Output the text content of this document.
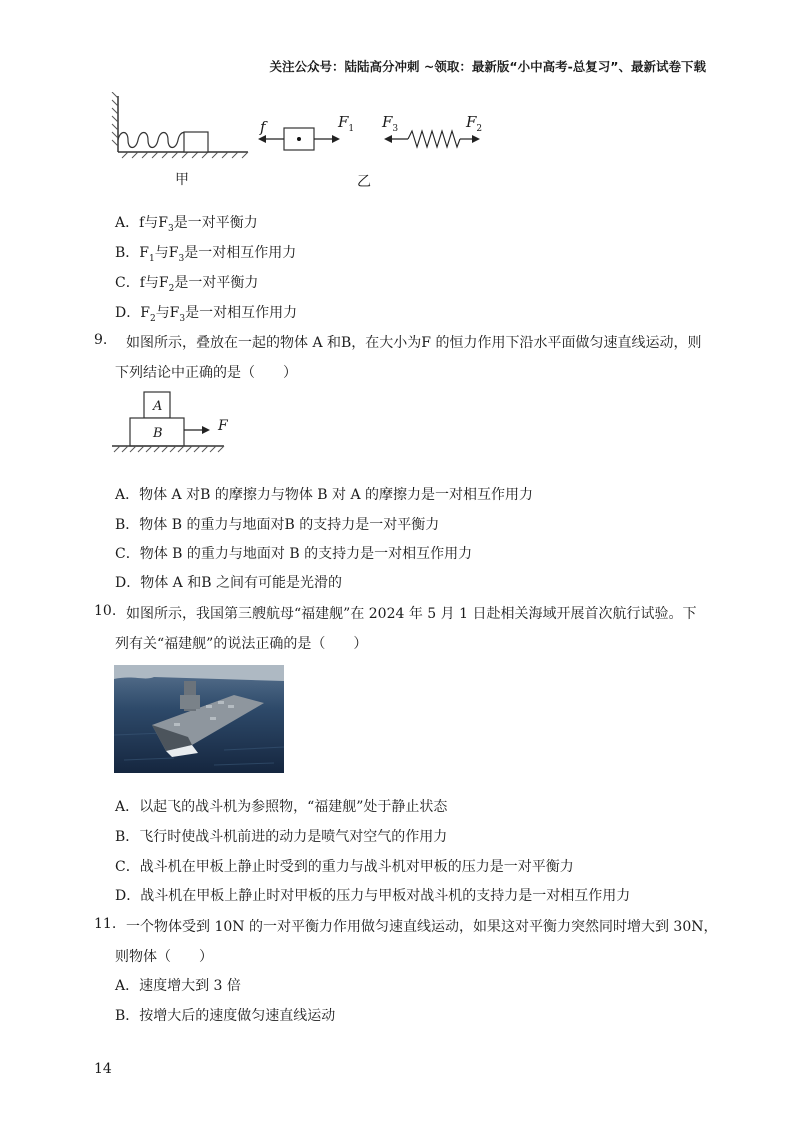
关注公众号：陆陆高分冲刺 ~领取：最新版“小中高考-总复习”、最新试卷下载
f	$F_1$ $F_3$	$F_2$
甲	乙
A．f与$F_3$是一对平衡力
B．$F_1$与$F_3$是一对相互作用力
C．f与$F_2$是一对平衡力
D．$F_2$与$F_3$是一对相互作用力
9. 如图所示，叠放在一起的物体 A 和B，在大小为F 的恒力作用下沿水平面做匀速直线运动，则
下列结论中正确的是（　　）
A
B	F
A．物体 A 对B 的摩擦力与物体 B 对 A 的摩擦力是一对相互作用力
B．物体 B 的重力与地面对B 的支持力是一对平衡力
C．物体 B 的重力与地面对 B 的支持力是一对相互作用力
D．物体 A 和B 之间有可能是光滑的
10. 如图所示，我国第三艘航母“福建舰”在 2024 年 5 月 1 日赴相关海域开展首次航行试验。下
列有关“福建舰”的说法正确的是（　　）
A．以起飞的战斗机为参照物，“福建舰”处于静止状态
B．飞行时使战斗机前进的动力是喷气对空气的作用力
C．战斗机在甲板上静止时受到的重力与战斗机对甲板的压力是一对平衡力
D．战斗机在甲板上静止时对甲板的压力与甲板对战斗机的支持力是一对相互作用力
11. 一个物体受到 10N 的一对平衡力作用做匀速直线运动，如果这对平衡力突然同时增大到 30N，
则物体（　　）
A．速度增大到 3 倍
B．按增大后的速度做匀速直线运动
14
